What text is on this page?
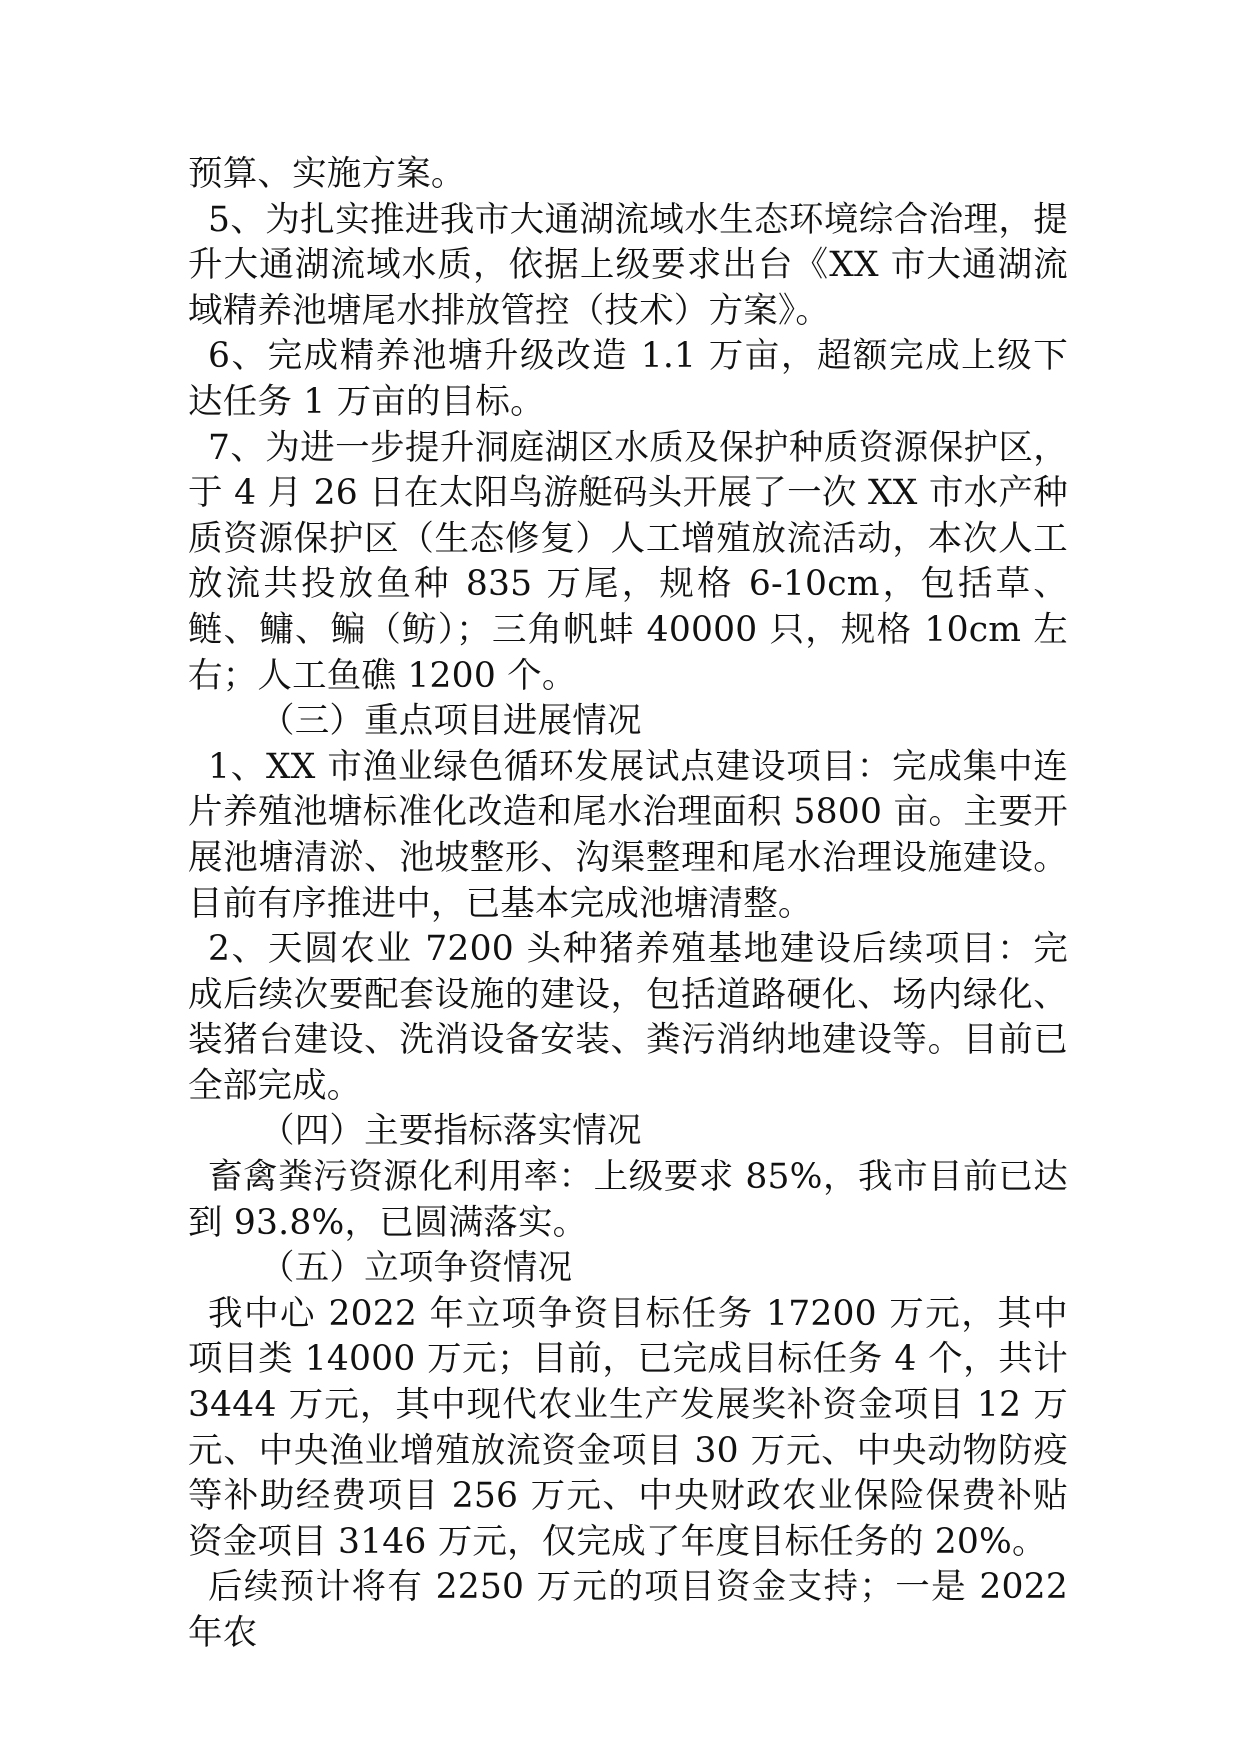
预算、实施方案。

5、为扎实推进我市大通湖流域水生态环境综合治理，提升大通湖流域水质，依据上级要求出台《XX 市大通湖流域精养池塘尾水排放管控（技术）方案》。

6、完成精养池塘升级改造 1.1 万亩，超额完成上级下达任务 1 万亩的目标。

7、为进一步提升洞庭湖区水质及保护种质资源保护区，于 4 月 26 日在太阳鸟游艇码头开展了一次 XX 市水产种质资源保护区（生态修复）人工增殖放流活动，本次人工放流共投放鱼种 835 万尾，规格 6-10cm，包括草、鲢、鳙、鳊（鲂）；三角帆蚌 40000 只，规格 10cm 左右；人工鱼礁 1200 个。

（三）重点项目进展情况

1、XX 市渔业绿色循环发展试点建设项目：完成集中连片养殖池塘标准化改造和尾水治理面积 5800 亩。主要开展池塘清淤、池坡整形、沟渠整理和尾水治理设施建设。目前有序推进中，已基本完成池塘清整。

2、天圆农业 7200 头种猪养殖基地建设后续项目：完成后续次要配套设施的建设，包括道路硬化、场内绿化、装猪台建设、洗消设备安装、粪污消纳地建设等。目前已全部完成。

（四）主要指标落实情况

畜禽粪污资源化利用率：上级要求 85%，我市目前已达到 93.8%，已圆满落实。

（五）立项争资情况

我中心 2022 年立项争资目标任务 17200 万元，其中项目类 14000 万元；目前，已完成目标任务 4 个，共计 3444 万元，其中现代农业生产发展奖补资金项目 12 万元、中央渔业增殖放流资金项目 30 万元、中央动物防疫等补助经费项目 256 万元、中央财政农业保险保费补贴资金项目 3146 万元，仅完成了年度目标任务的 20%。

后续预计将有 2250 万元的项目资金支持；一是 2022 年农
